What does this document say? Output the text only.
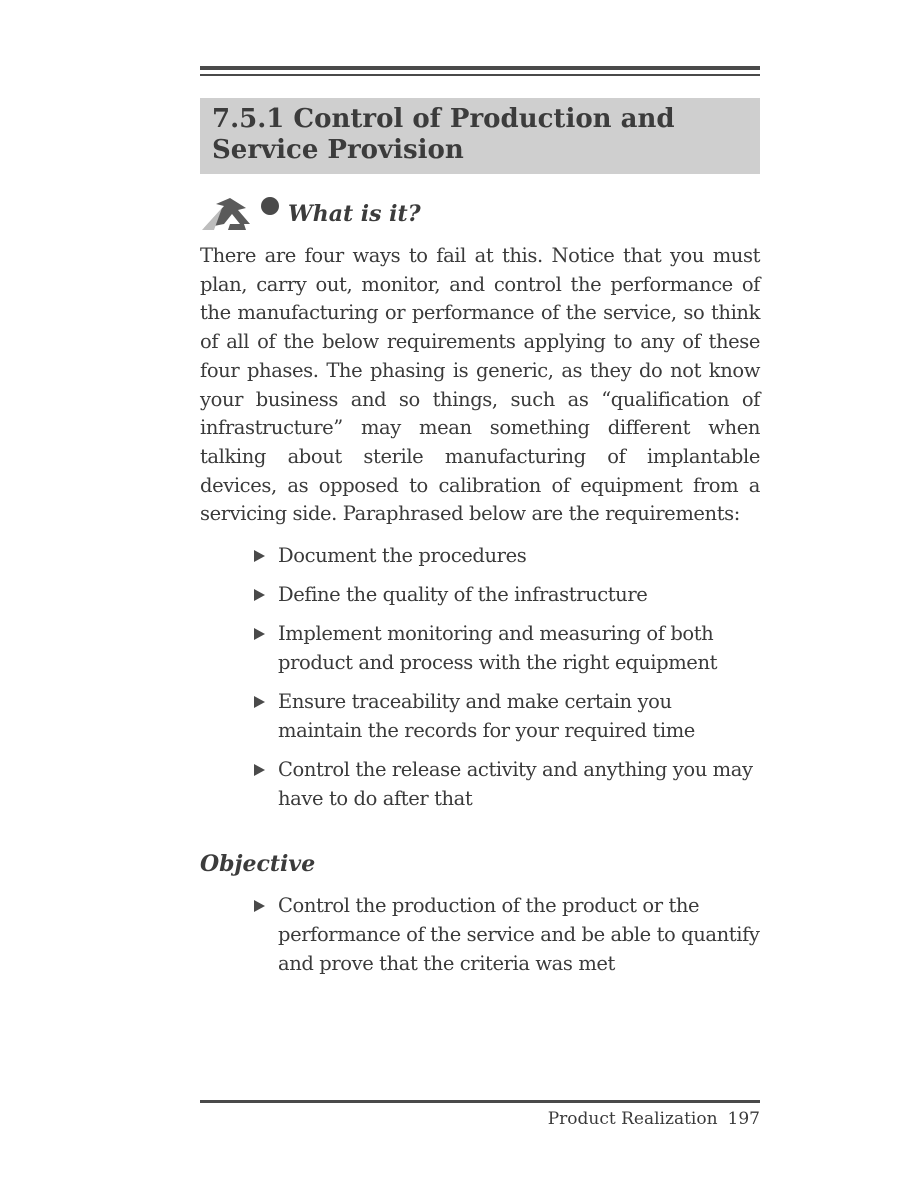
7.5.1 Control of Production and Service Provision
What is it?

There are four ways to fail at this. Notice that you must plan, carry out, monitor, and control the performance of the manufacturing or performance of the service, so think of all of the below requirements applying to any of these four phases. The phasing is generic, as they do not know your business and so things, such as “qualification of infrastructure” may mean something different when talking about sterile manufacturing of implantable devices, as opposed to calibration of equipment from a servicing side. Paraphrased below are the requirements:

Document the procedures
Define the quality of the infrastructure
Implement monitoring and measuring of both product and process with the right equipment
Ensure traceability and make certain you maintain the records for your required time
Control the release activity and anything you may have to do after that
Objective
Control the production of the product or the performance of the service and be able to quantify and prove that the criteria was met
Product Realization 197
